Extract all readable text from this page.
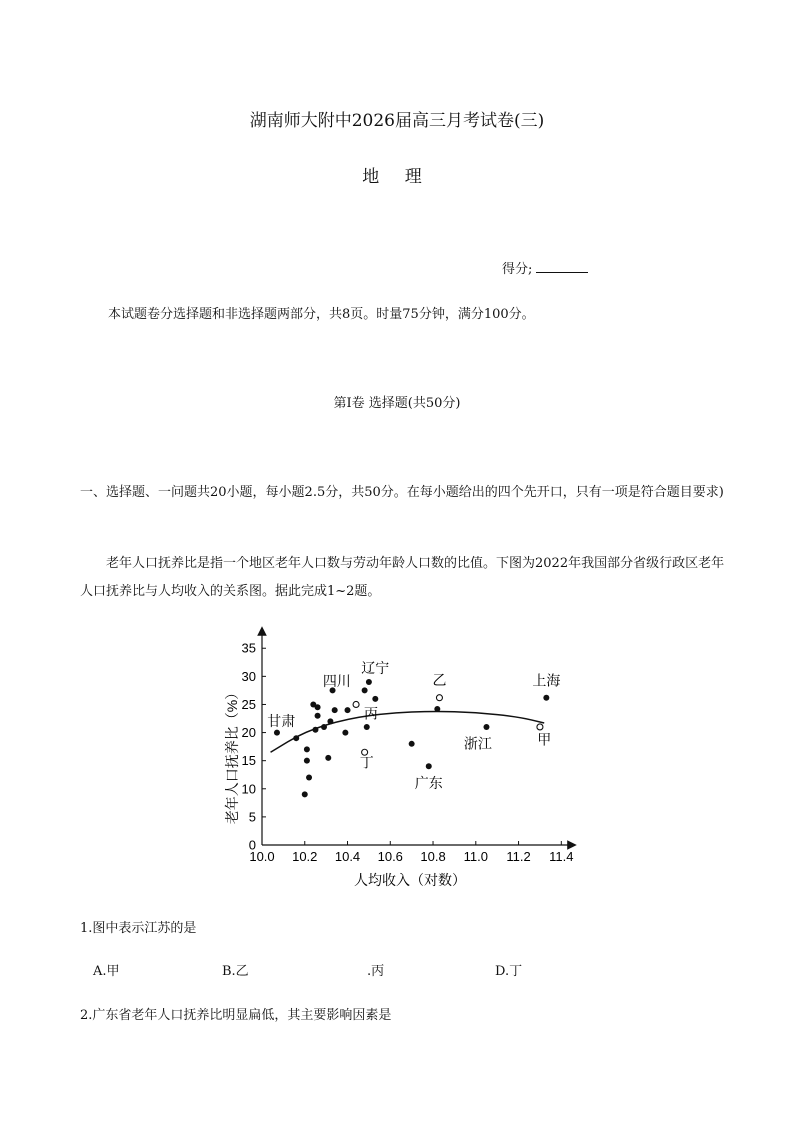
湖南师大附中2026届高三月考试卷(三)
地 理
得分;
本试题卷分选择题和非选择题两部分，共8页。时量75分钟，满分100分。
第Ⅰ卷 选择题(共50分)
一、选择题、一问题共20小题，每小题2.5分，共50分。在每小题给出的四个先开口，只有一项是符合题目要求)
老年人口抚养比是指一个地区老年人口数与劳动年龄人口数的比值。下图为2022年我国部分省级行政区老年人口抚养比与人均收入的关系图。据此完成1~2题。
10.0 10.2 10.4 10.6 10.8 11.0 11.2 11.4
0
5
10
15
20
25
30
35
甘肃
四川
辽宁
丙
乙	上海
丁
浙江	甲
广东
人均收入（对数）
老年人口抚养比（%）
1.图中表示江苏的是
A.甲	B.乙	.丙	D.丁
2.广东省老年人口抚养比明显扁低，其主要影响因素是
